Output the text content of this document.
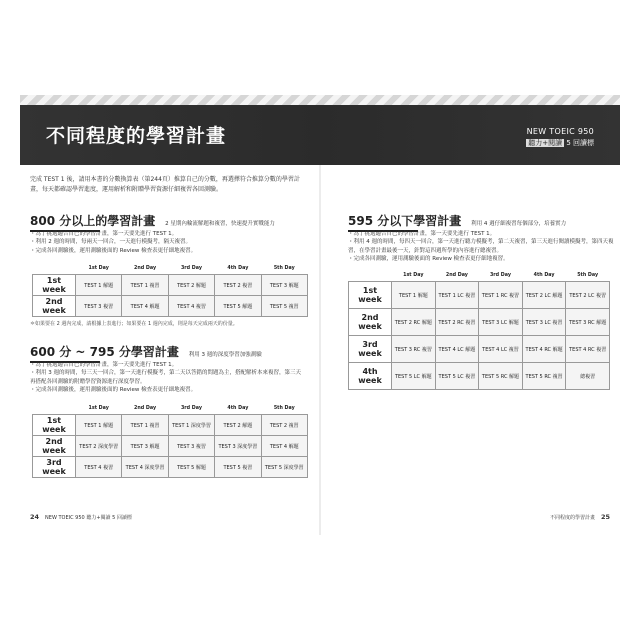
不同程度的學習計畫	NEW TOEIC 950
聽力+閱讀 5 回讀標
完成 TEST 1 後，請用本書的分數換算表（第244頁）推算自己的分數，再選擇符合推算分數的學習計畫，每天都確認學習進度，運用解析和附贈學習資源仔細複習各回測驗。
800 分以上的學習計畫 2 星期內輪流解題和複習，快速提升實戰能力
・為了挑選適合自己的學習計畫，第一天要先進行 TEST 1。
・利用 2 週的時間，每兩天一回合，一天進行模擬考，隔天複習。
・完成各回測驗後，運用測驗後面的 Review 檢查表更仔細地複習。
	1st Day	2nd Day	3rd Day	4th Day	5th Day
1st
week	TEST 1 解題	TEST 1 複習	TEST 2 解題	TEST 2 複習	TEST 3 解題
2nd
week	TEST 3 複習	TEST 4 解題	TEST 4 複習	TEST 5 解題	TEST 5 複習
＊如果要在 2 週內完成，請根據上表進行；如果要在 1 週內完成，則是每天完成兩天的份量。
600 分 ~ 795 分學習計畫 利用 3 週的深度學習加強測驗
・為了挑選適合自己的學習計畫，第一天要先進行 TEST 1。
・利用 3 週的時間，每三天一回合，第一天進行模擬考，第二天以答錯的問題為主，搭配解析本來複習，第三天
再搭配各回測驗的附贈學習資源進行深度學習。
・完成各回測驗後，運用測驗後面的 Review 檢查表更仔細地複習。
	1st Day	2nd Day	3rd Day	4th Day	5th Day
1st
week	TEST 1 解題	TEST 1 複習	TEST 1 深度學習	TEST 2 解題	TEST 2 複習
2nd
week	TEST 2 深度學習	TEST 3 解題	TEST 3 複習	TEST 3 深度學習	TEST 4 解題
3rd
week	TEST 4 複習	TEST 4 深度學習	TEST 5 解題	TEST 5 複習	TEST 5 深度學習
595 分以下學習計畫 利用 4 週仔細複習每個部分，培養實力
・為了挑選適合自己的學習計畫，第一天要先進行 TEST 1。
・利用 4 週的時間，每四天一回合，第一天進行聽力模擬考，第二天複習，第三天進行閱讀模擬考，第四天複
習，在學習計畫最後一天，針對這四週所學的內容進行總複習。
・完成各回測驗，運用測驗後面的 Review 檢查表更仔細地複習。
	1st Day	2nd Day	3rd Day	4th Day	5th Day
1st
week	TEST 1 解題	TEST 1 LC 複習	TEST 1 RC 複習	TEST 2 LC 解題	TEST 2 LC 複習
2nd
week	TEST 2 RC 解題	TEST 2 RC 複習	TEST 3 LC 解題	TEST 3 LC 複習	TEST 3 RC 解題
3rd
week	TEST 3 RC 複習	TEST 4 LC 解題	TEST 4 LC 複習	TEST 4 RC 解題	TEST 4 RC 複習
4th
week	TEST 5 LC 解題	TEST 5 LC 複習	TEST 5 RC 解題	TEST 5 RC 複習	總複習
24 NEW TOEIC 950 聽力+閱讀 5 回讀標	不同程度的學習計畫 25
